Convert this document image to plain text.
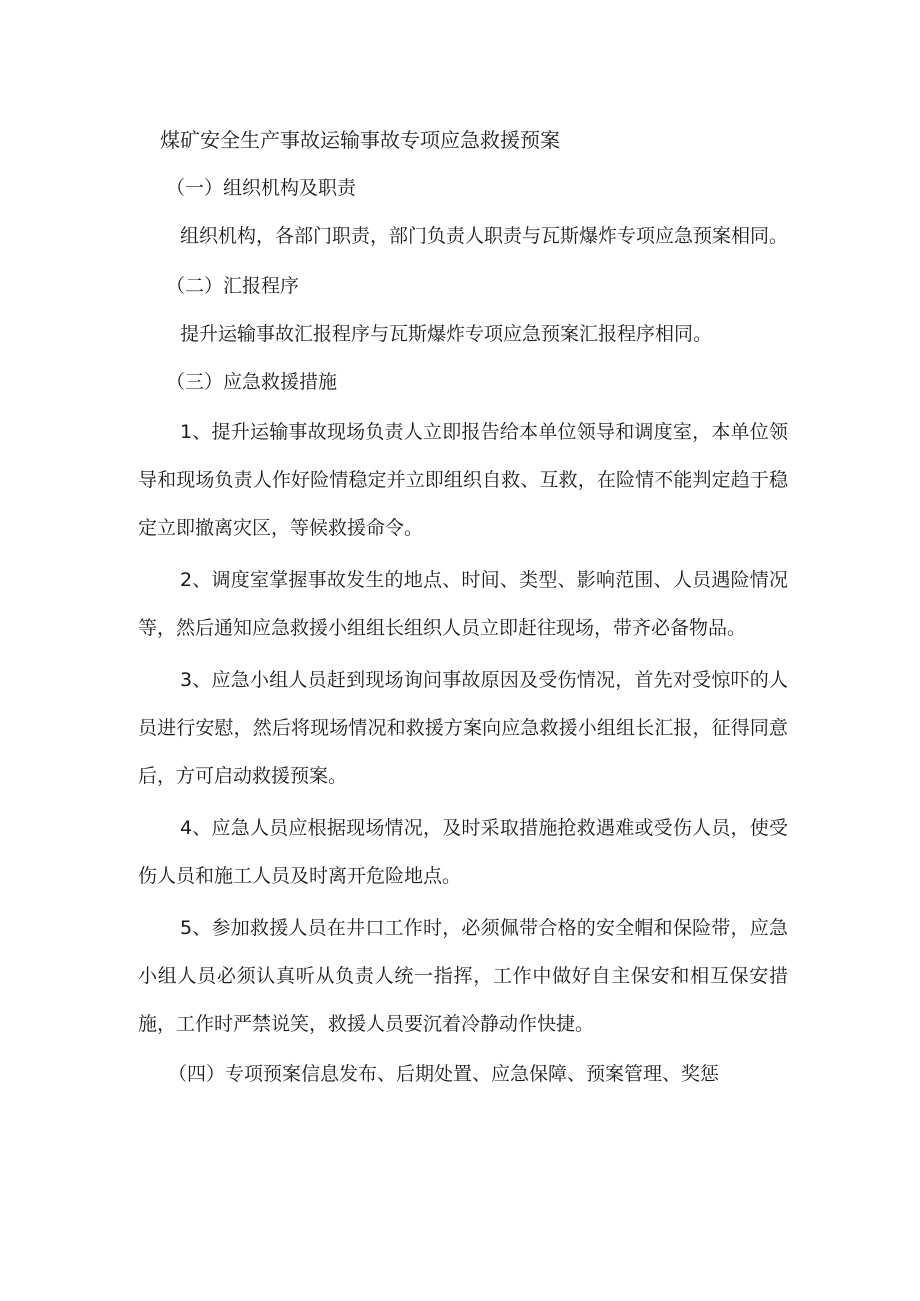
煤矿安全生产事故运输事故专项应急救援预案

（一）组织机构及职责

组织机构，各部门职责，部门负责人职责与瓦斯爆炸专项应急预案相同。

（二）汇报程序

提升运输事故汇报程序与瓦斯爆炸专项应急预案汇报程序相同。

（三）应急救援措施

1、提升运输事故现场负责人立即报告给本单位领导和调度室，本单位领导和现场负责人作好险情稳定并立即组织自救、互救，在险情不能判定趋于稳定立即撤离灾区，等候救援命令。

2、调度室掌握事故发生的地点、时间、类型、影响范围、人员遇险情况等，然后通知应急救援小组组长组织人员立即赶往现场，带齐必备物品。

3、应急小组人员赶到现场询问事故原因及受伤情况，首先对受惊吓的人员进行安慰，然后将现场情况和救援方案向应急救援小组组长汇报，征得同意后，方可启动救援预案。

4、应急人员应根据现场情况，及时采取措施抢救遇难或受伤人员，使受伤人员和施工人员及时离开危险地点。

5、参加救援人员在井口工作时，必须佩带合格的安全帽和保险带，应急小组人员必须认真听从负责人统一指挥，工作中做好自主保安和相互保安措施，工作时严禁说笑，救援人员要沉着冷静动作快捷。

（四）专项预案信息发布、后期处置、应急保障、预案管理、奖惩
